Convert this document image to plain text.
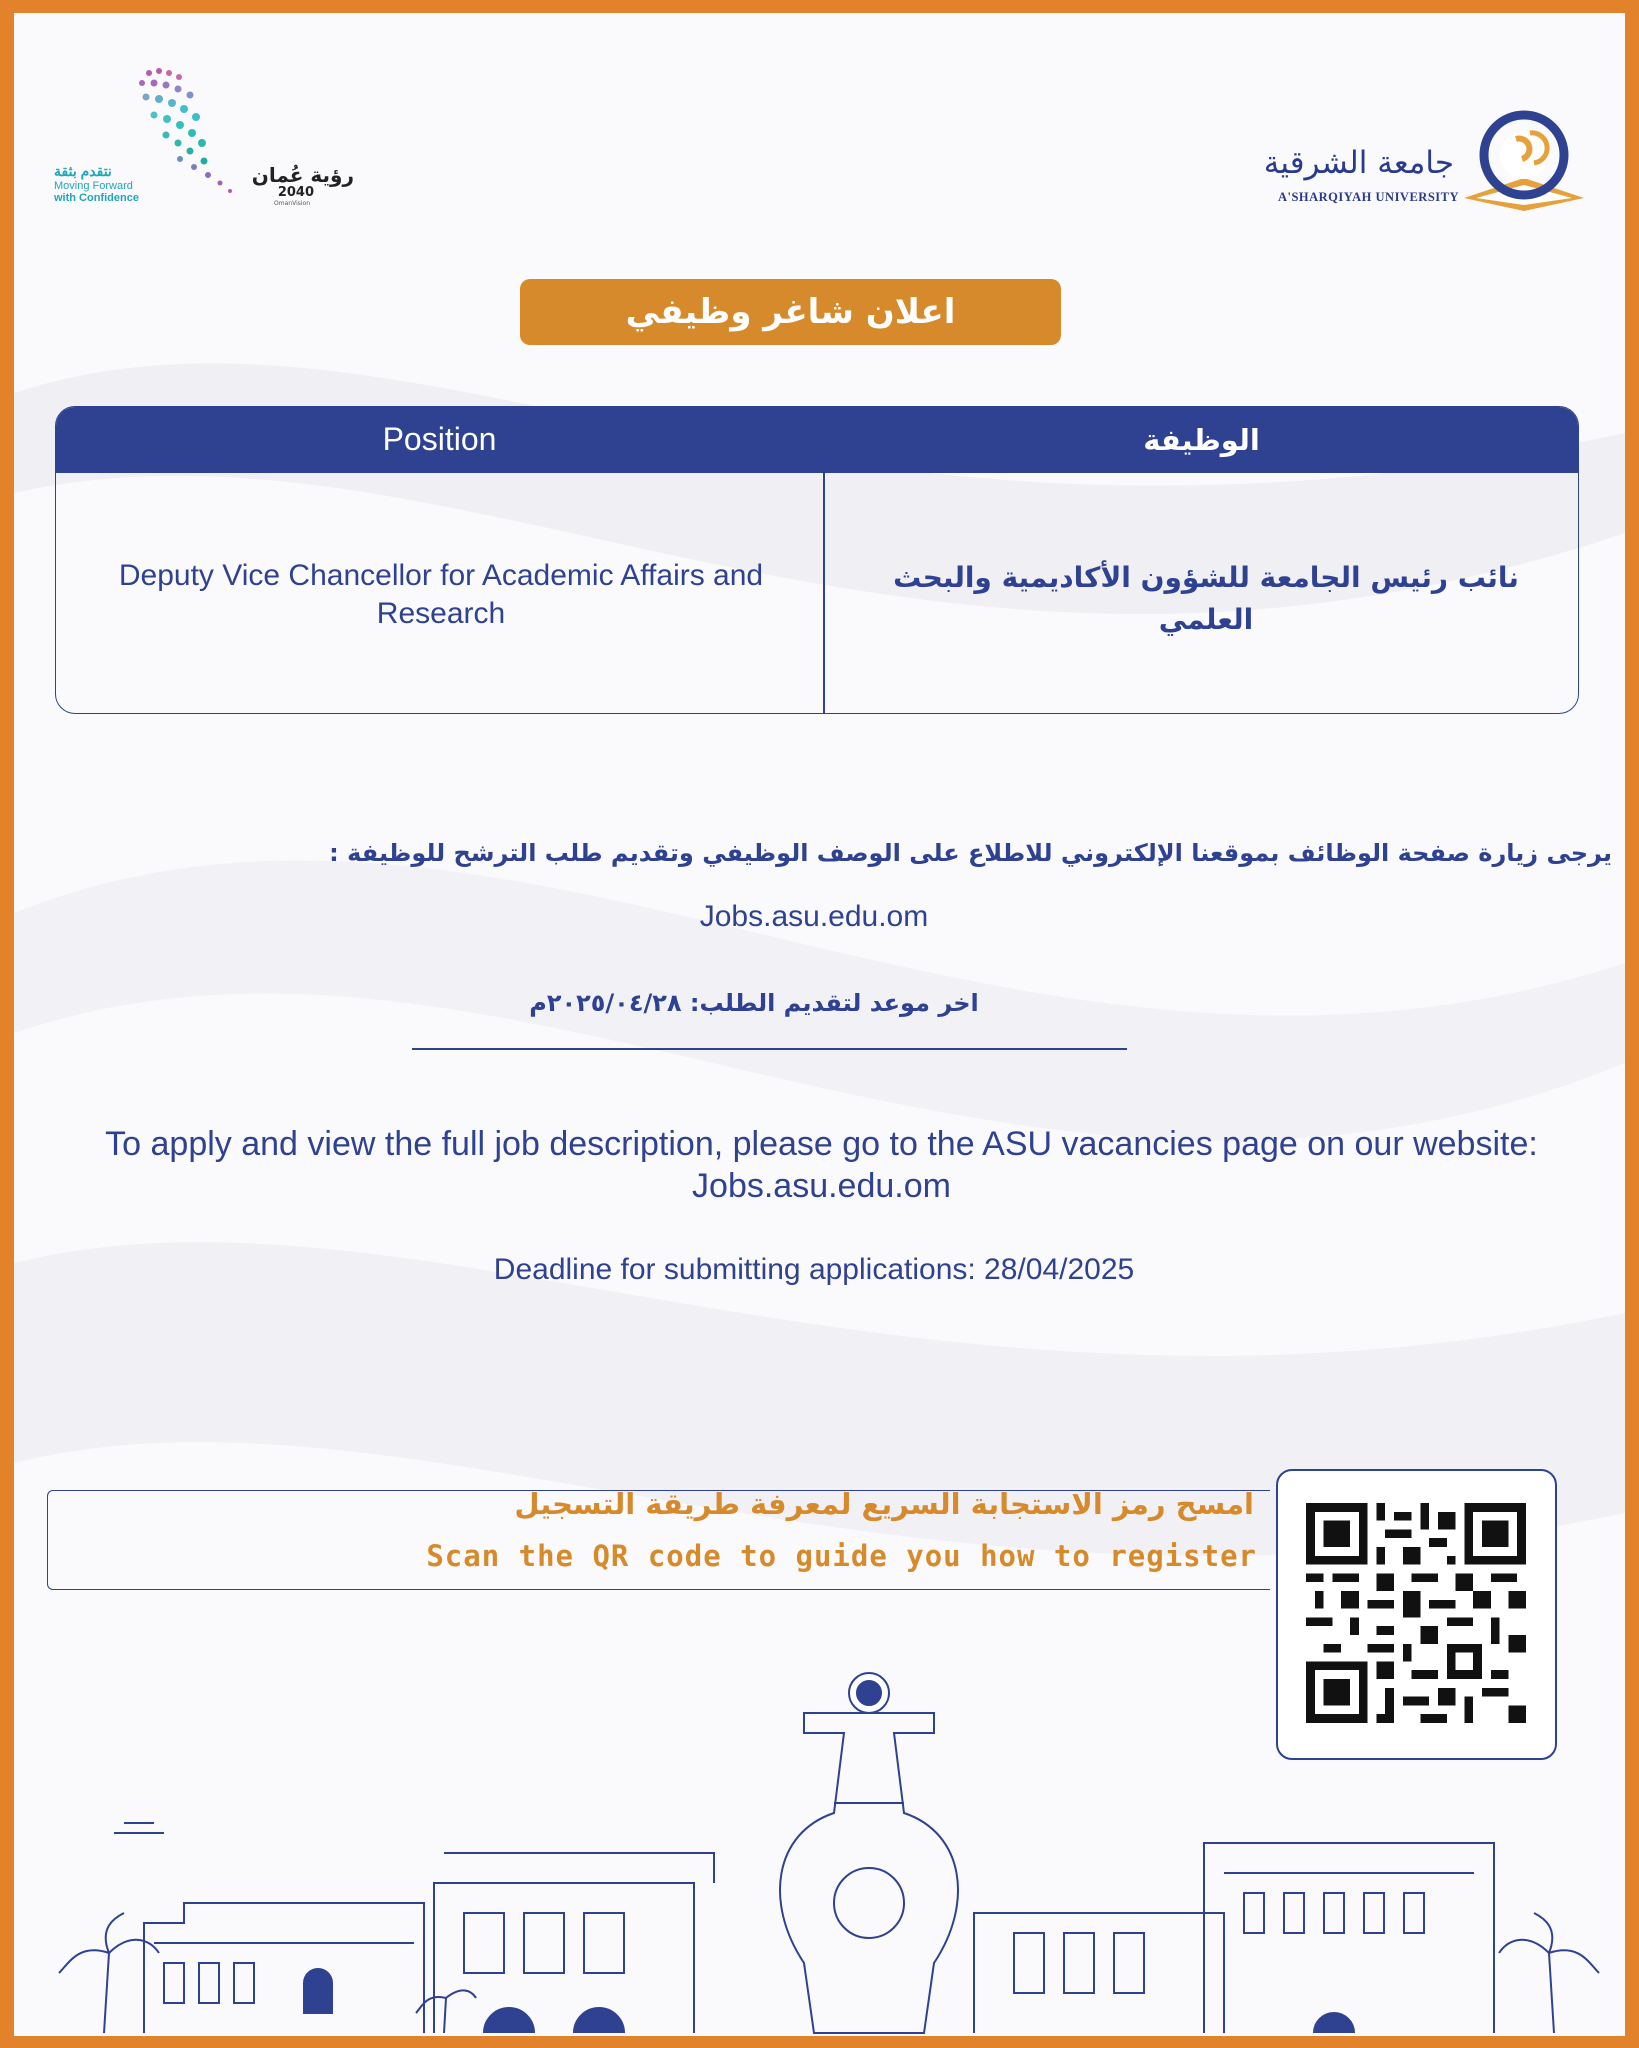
رؤية عُمان
2040
OmanVision
نتقدم بثقة
Moving Forward
with Confidence
جامعة الشرقية
A'SHARQIYAH UNIVERSITY
اعلان شاغر وظيفي
Position	الوظيفة
Deputy Vice Chancellor for Academic Affairs and Research
نائب رئيس الجامعة للشؤون الأكاديمية والبحث العلمي
يرجى زيارة صفحة الوظائف بموقعنا الإلكتروني للاطلاع على الوصف الوظيفي وتقديم طلب الترشح للوظيفة :
Jobs.asu.edu.om
اخر موعد لتقديم الطلب: ٢٠٢٥/٠٤/٢٨م
To apply and view the full job description, please go to the ASU vacancies page on our website: Jobs.asu.edu.om
Deadline for submitting applications: 28/04/2025
امسح رمز الاستجابة السريع لمعرفة طريقة التسجيل
Scan the QR code to guide you how to register
